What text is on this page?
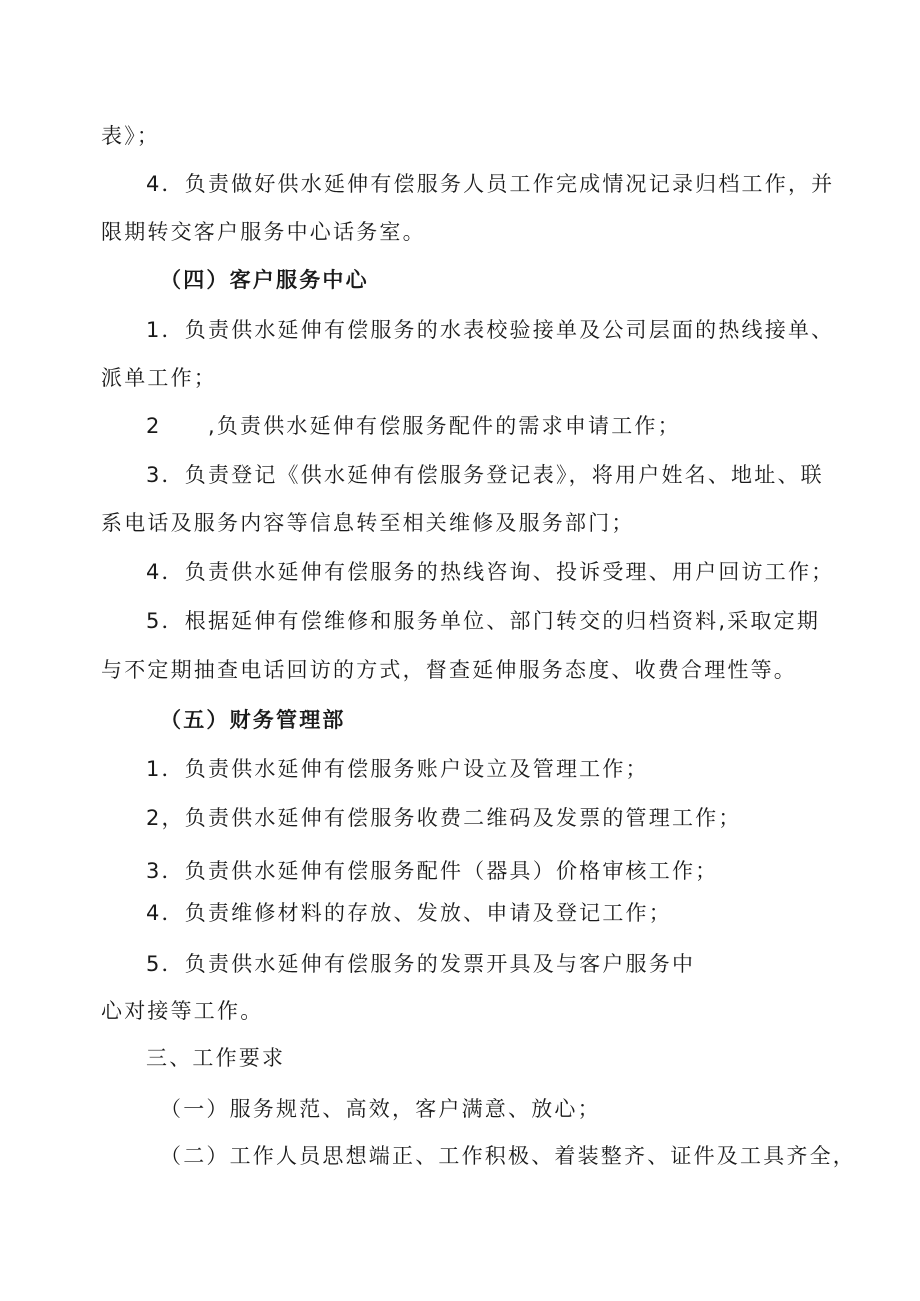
表》；
4．负责做好供水延伸有偿服务人员工作完成情况记录归档工作，并
限期转交客户服务中心话务室。
（四）客户服务中心
1．负责供水延伸有偿服务的水表校验接单及公司层面的热线接单、
派单工作；
2　　,负责供水延伸有偿服务配件的需求申请工作；
3．负责登记《供水延伸有偿服务登记表》，将用户姓名、地址、联
系电话及服务内容等信息转至相关维修及服务部门；
4．负责供水延伸有偿服务的热线咨询、投诉受理、用户回访工作；
5．根据延伸有偿维修和服务单位、部门转交的归档资料,采取定期
与不定期抽查电话回访的方式，督查延伸服务态度、收费合理性等。
（五）财务管理部
1．负责供水延伸有偿服务账户设立及管理工作；
2，负责供水延伸有偿服务收费二维码及发票的管理工作；
3．负责供水延伸有偿服务配件（器具）价格审核工作；
4．负责维修材料的存放、发放、申请及登记工作；
5．负责供水延伸有偿服务的发票开具及与客户服务中
心对接等工作。
三、工作要求
（一）服务规范、高效，客户满意、放心；
（二）工作人员思想端正、工作积极、着装整齐、证件及工具齐全，
